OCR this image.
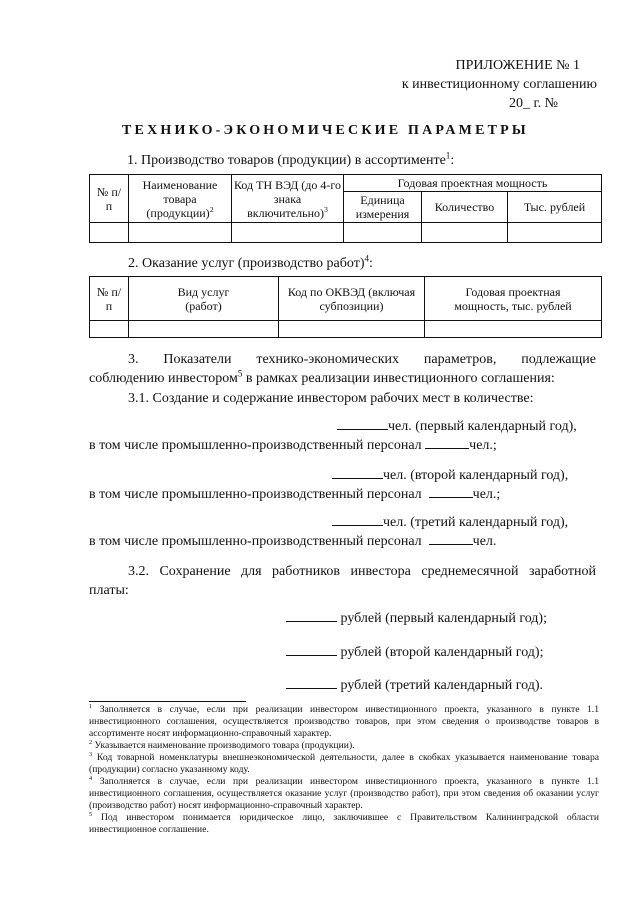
ПРИЛОЖЕНИЕ № 1
к инвестиционному соглашению
20_ г. №
ТЕХНИКО-ЭКОНОМИЧЕСКИЕ ПАРАМЕТРЫ
1. Производство товаров (продукции) в ассортименте$^1$:
№ п/п	Наименование товара (продукции)$^2$	Код ТН ВЭД (до 4-го знака включительно)$^3$	Годовая проектная мощность		
			Единица измерения	Количество	Тыс. рублей

2. Оказание услуг (производство работ)$^4$:
№ п/п	Вид услуг (работ)	Код по ОКВЭД (включая субпозиции)	Годовая проектная мощность, тыс. рублей

3. Показатели технико-экономических параметров, подлежащие
соблюдению инвестором$^5$ в рамках реализации инвестиционного соглашения:
3.1. Создание и содержание инвестором рабочих мест в количестве:
чел. (первый календарный год),
в том числе промышленно-производственный персонал	чел.;
чел. (второй календарный год),
в том числе промышленно-производственный персонал	чел.;
чел. (третий календарный год),
в том числе промышленно-производственный персонал	чел.
3.2. Сохранение для работников инвестора среднемесячной заработной
платы:
рублей (первый календарный год);
рублей (второй календарный год);
рублей (третий календарный год).
$^1$ Заполняется в случае, если при реализации инвестором инвестиционного проекта, указанного в пункте 1.1 инвестиционного соглашения, осуществляется производство товаров, при этом сведения о производстве товаров в ассортименте носят информационно-справочный характер.
$^2$ Указывается наименование производимого товара (продукции).
$^3$ Код товарной номенклатуры внешнеэкономической деятельности, далее в скобках указывается наименование товара (продукции) согласно указанному коду.
$^4$ Заполняется в случае, если при реализации инвестором инвестиционного проекта, указанного в пункте 1.1 инвестиционного соглашения, осуществляется оказание услуг (производство работ), при этом сведения об оказании услуг (производство работ) носят информационно-справочный характер.
$^5$ Под инвестором понимается юридическое лицо, заключившее с Правительством Калининградской области инвестиционное соглашение.
